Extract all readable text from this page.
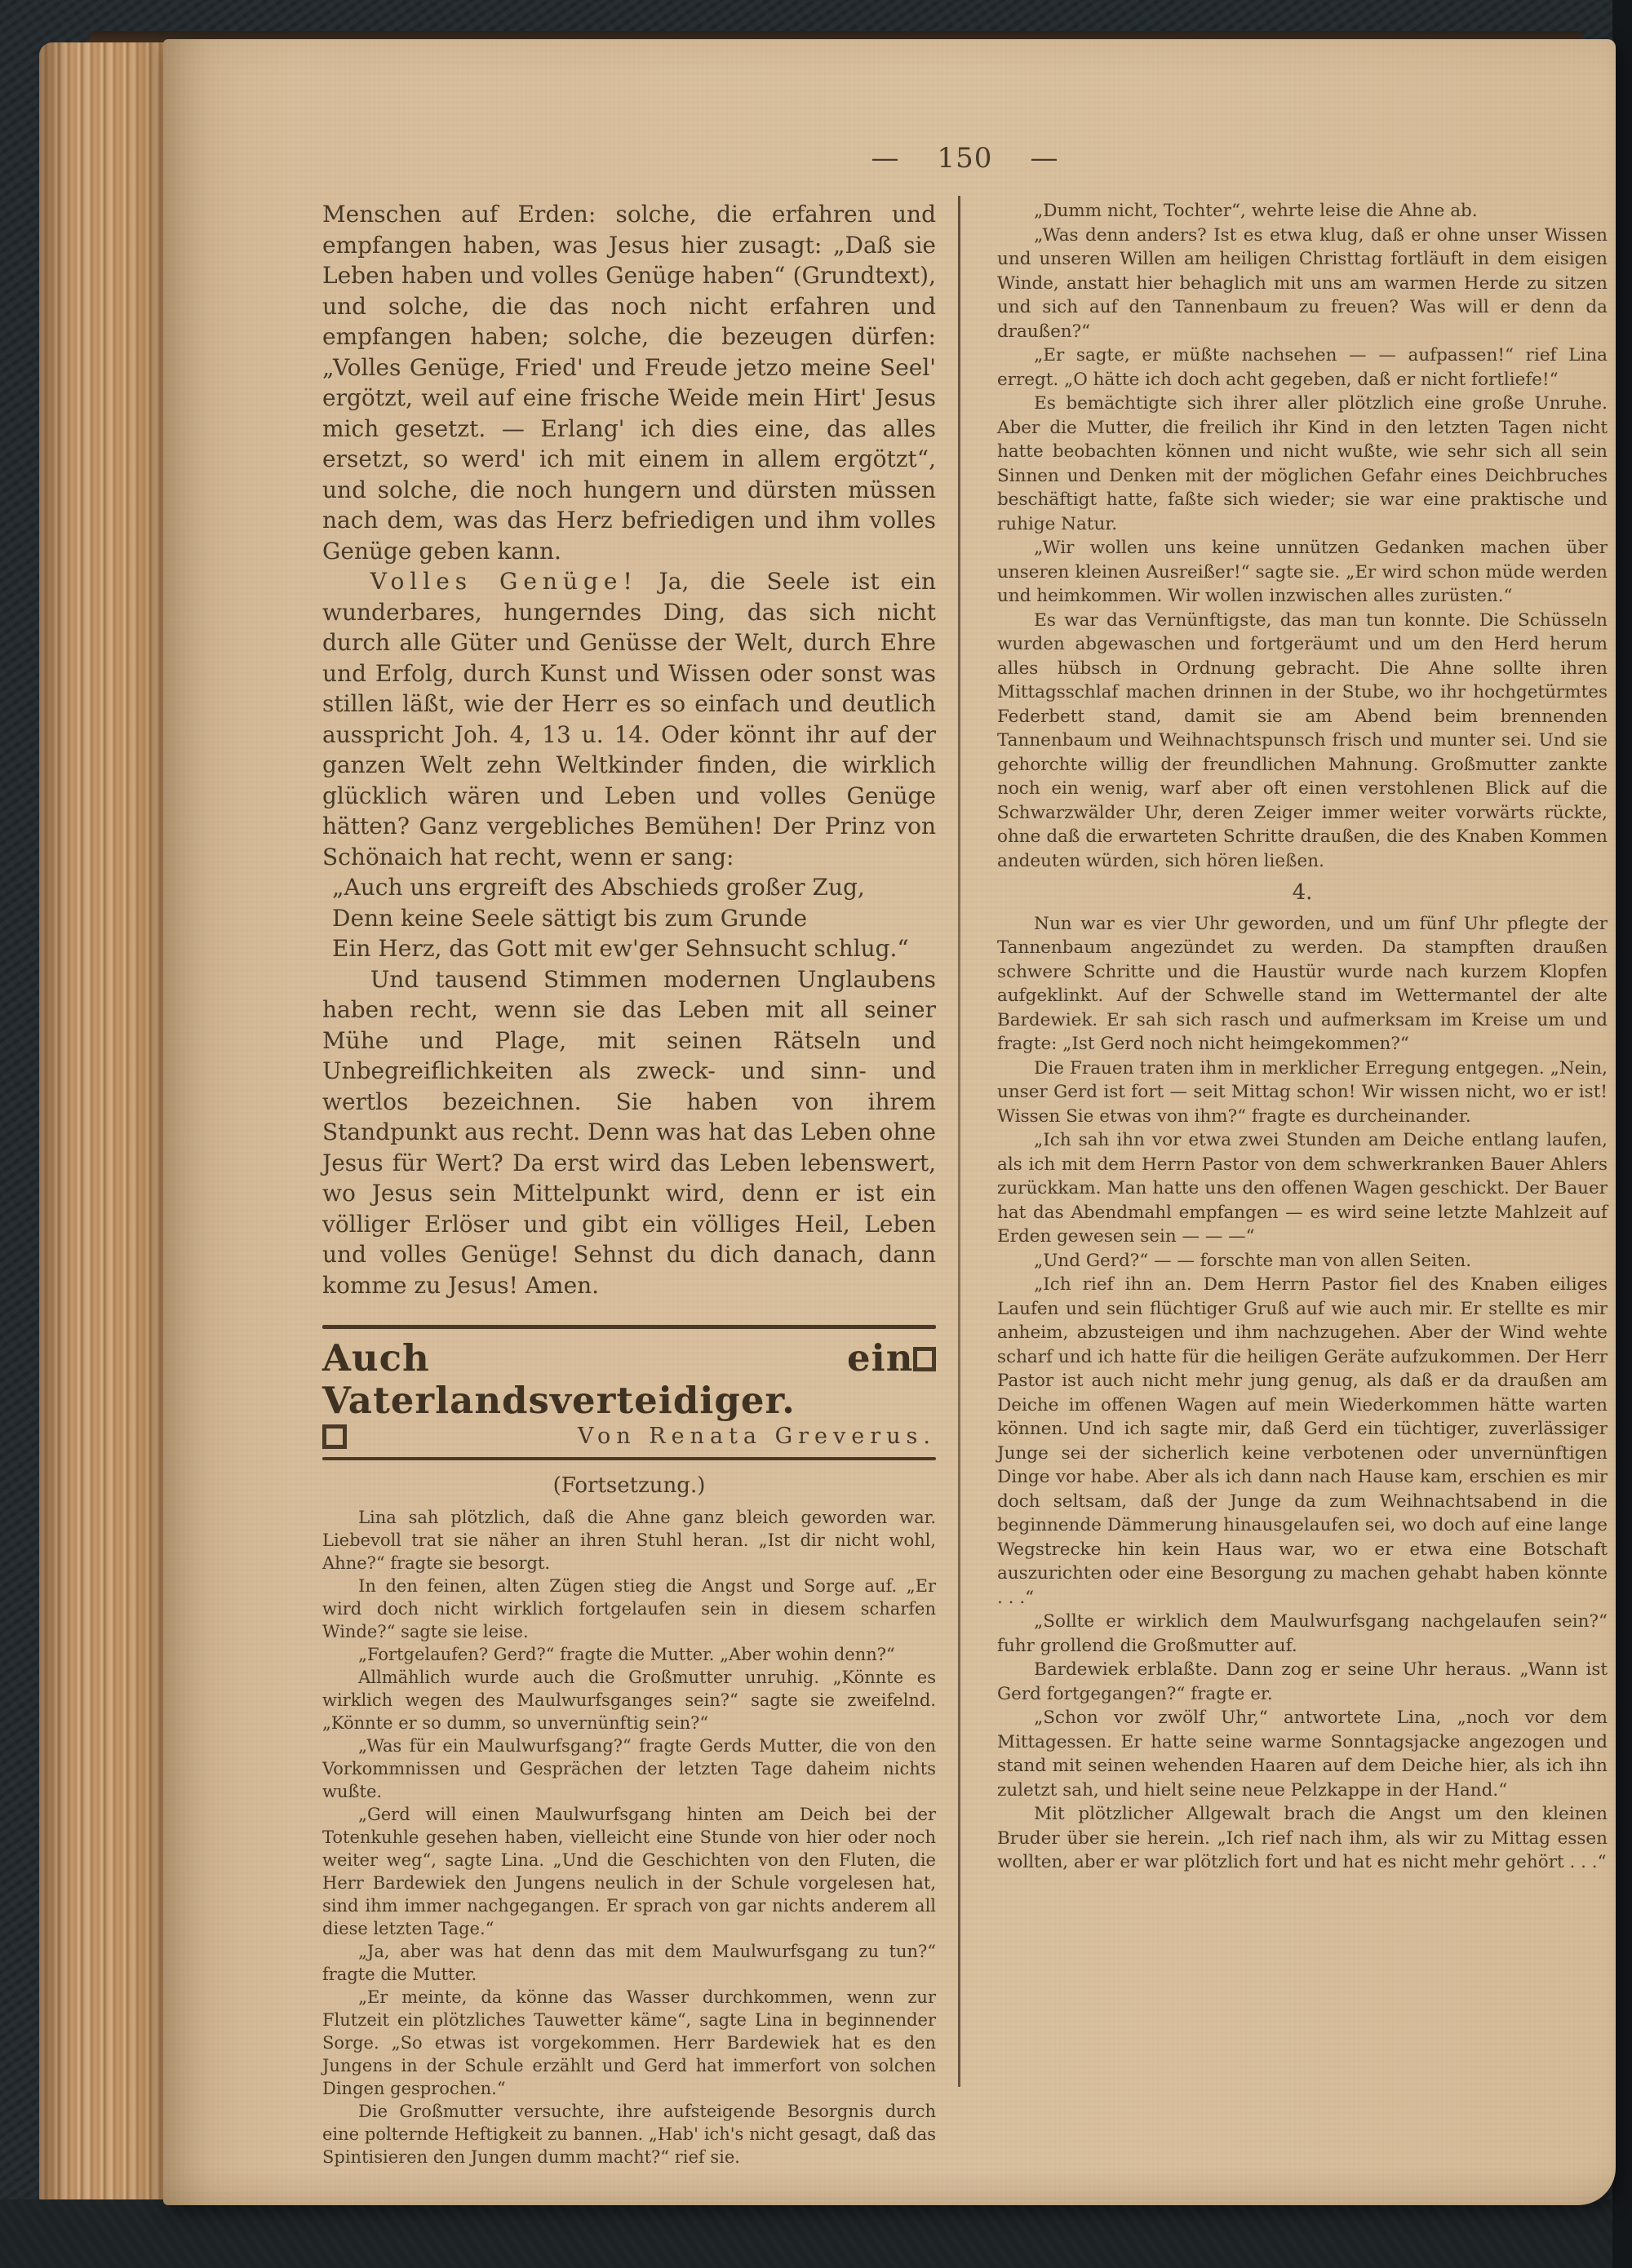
— 150 —

Menschen auf Erden: solche, die erfahren und empfangen haben, was Jesus hier zusagt: „Daß sie Leben haben und volles Genüge haben“ (Grundtext), und solche, die das noch nicht erfahren und empfangen haben; solche, die bezeugen dürfen: „Volles Genüge, Fried' und Freude jetzo meine Seel' ergötzt, weil auf eine frische Weide mein Hirt' Jesus mich gesetzt. — Erlang' ich dies eine, das alles ersetzt, so werd' ich mit einem in allem ergötzt“, und solche, die noch hungern und dürsten müssen nach dem, was das Herz befriedigen und ihm volles Genüge geben kann.

Volles Genüge! Ja, die Seele ist ein wunderbares, hungerndes Ding, das sich nicht durch alle Güter und Genüsse der Welt, durch Ehre und Erfolg, durch Kunst und Wissen oder sonst was stillen läßt, wie der Herr es so einfach und deutlich ausspricht Joh. 4, 13 u. 14. Oder könnt ihr auf der ganzen Welt zehn Weltkinder finden, die wirklich glücklich wären und Leben und volles Genüge hätten? Ganz vergebliches Bemühen! Der Prinz von Schönaich hat recht, wenn er sang:

„Auch uns ergreift des Abschieds großer Zug,
Denn keine Seele sättigt bis zum Grunde
Ein Herz, das Gott mit ew'ger Sehnsucht schlug.“

Und tausend Stimmen modernen Unglaubens haben recht, wenn sie das Leben mit all seiner Mühe und Plage, mit seinen Rätseln und Unbegreiflichkeiten als zweck- und sinn- und wertlos bezeichnen. Sie haben von ihrem Standpunkt aus recht. Denn was hat das Leben ohne Jesus für Wert? Da erst wird das Leben lebenswert, wo Jesus sein Mittelpunkt wird, denn er ist ein völliger Erlöser und gibt ein völliges Heil, Leben und volles Genüge! Sehnst du dich danach, dann komme zu Jesus! Amen.

Auch ein Vaterlandsverteidiger.
Von Renata Greverus.
(Fortsetzung.)

Lina sah plötzlich, daß die Ahne ganz bleich geworden war. Liebevoll trat sie näher an ihren Stuhl heran. „Ist dir nicht wohl, Ahne?“ fragte sie besorgt.

In den feinen, alten Zügen stieg die Angst und Sorge auf. „Er wird doch nicht wirklich fortgelaufen sein in diesem scharfen Winde?“ sagte sie leise.

„Fortgelaufen? Gerd?“ fragte die Mutter. „Aber wohin denn?“

Allmählich wurde auch die Großmutter unruhig. „Könnte es wirklich wegen des Maulwurfsganges sein?“ sagte sie zweifelnd. „Könnte er so dumm, so unvernünftig sein?“

„Was für ein Maulwurfsgang?“ fragte Gerds Mutter, die von den Vorkommnissen und Gesprächen der letzten Tage daheim nichts wußte.

„Gerd will einen Maulwurfsgang hinten am Deich bei der Totenkuhle gesehen haben, vielleicht eine Stunde von hier oder noch weiter weg“, sagte Lina. „Und die Geschichten von den Fluten, die Herr Bardewiek den Jungens neulich in der Schule vorgelesen hat, sind ihm immer nachgegangen. Er sprach von gar nichts anderem all diese letzten Tage.“

„Ja, aber was hat denn das mit dem Maulwurfsgang zu tun?“ fragte die Mutter.

„Er meinte, da könne das Wasser durchkommen, wenn zur Flutzeit ein plötzliches Tauwetter käme“, sagte Lina in beginnender Sorge. „So etwas ist vorgekommen. Herr Bardewiek hat es den Jungens in der Schule erzählt und Gerd hat immerfort von solchen Dingen gesprochen.“

Die Großmutter versuchte, ihre aufsteigende Besorgnis durch eine polternde Heftigkeit zu bannen. „Hab' ich's nicht gesagt, daß das Spintisieren den Jungen dumm macht?“ rief sie.

„Dumm nicht, Tochter“, wehrte leise die Ahne ab.

„Was denn anders? Ist es etwa klug, daß er ohne unser Wissen und unseren Willen am heiligen Christtag fortläuft in dem eisigen Winde, anstatt hier behaglich mit uns am warmen Herde zu sitzen und sich auf den Tannenbaum zu freuen? Was will er denn da draußen?“

„Er sagte, er müßte nachsehen — — aufpassen!“ rief Lina erregt. „O hätte ich doch acht gegeben, daß er nicht fortliefe!“

Es bemächtigte sich ihrer aller plötzlich eine große Unruhe. Aber die Mutter, die freilich ihr Kind in den letzten Tagen nicht hatte beobachten können und nicht wußte, wie sehr sich all sein Sinnen und Denken mit der möglichen Gefahr eines Deichbruches beschäftigt hatte, faßte sich wieder; sie war eine praktische und ruhige Natur.

„Wir wollen uns keine unnützen Gedanken machen über unseren kleinen Ausreißer!“ sagte sie. „Er wird schon müde werden und heimkommen. Wir wollen inzwischen alles zurüsten.“

Es war das Vernünftigste, das man tun konnte. Die Schüsseln wurden abgewaschen und fortgeräumt und um den Herd herum alles hübsch in Ordnung gebracht. Die Ahne sollte ihren Mittagsschlaf machen drinnen in der Stube, wo ihr hochgetürmtes Federbett stand, damit sie am Abend beim brennenden Tannenbaum und Weihnachtspunsch frisch und munter sei. Und sie gehorchte willig der freundlichen Mahnung. Großmutter zankte noch ein wenig, warf aber oft einen verstohlenen Blick auf die Schwarzwälder Uhr, deren Zeiger immer weiter vorwärts rückte, ohne daß die erwarteten Schritte draußen, die des Knaben Kommen andeuten würden, sich hören ließen.

4.

Nun war es vier Uhr geworden, und um fünf Uhr pflegte der Tannenbaum angezündet zu werden. Da stampften draußen schwere Schritte und die Haustür wurde nach kurzem Klopfen aufgeklinkt. Auf der Schwelle stand im Wettermantel der alte Bardewiek. Er sah sich rasch und aufmerksam im Kreise um und fragte: „Ist Gerd noch nicht heimgekommen?“

Die Frauen traten ihm in merklicher Erregung entgegen. „Nein, unser Gerd ist fort — seit Mittag schon! Wir wissen nicht, wo er ist! Wissen Sie etwas von ihm?“ fragte es durcheinander.

„Ich sah ihn vor etwa zwei Stunden am Deiche entlang laufen, als ich mit dem Herrn Pastor von dem schwerkranken Bauer Ahlers zurückkam. Man hatte uns den offenen Wagen geschickt. Der Bauer hat das Abendmahl empfangen — es wird seine letzte Mahlzeit auf Erden gewesen sein — — —“

„Und Gerd?“ — — forschte man von allen Seiten.

„Ich rief ihn an. Dem Herrn Pastor fiel des Knaben eiliges Laufen und sein flüchtiger Gruß auf wie auch mir. Er stellte es mir anheim, abzusteigen und ihm nachzugehen. Aber der Wind wehte scharf und ich hatte für die heiligen Geräte aufzukommen. Der Herr Pastor ist auch nicht mehr jung genug, als daß er da draußen am Deiche im offenen Wagen auf mein Wiederkommen hätte warten können. Und ich sagte mir, daß Gerd ein tüchtiger, zuverlässiger Junge sei der sicherlich keine verbotenen oder unvernünftigen Dinge vor habe. Aber als ich dann nach Hause kam, erschien es mir doch seltsam, daß der Junge da zum Weihnachtsabend in die beginnende Dämmerung hinausgelaufen sei, wo doch auf eine lange Wegstrecke hin kein Haus war, wo er etwa eine Botschaft auszurichten oder eine Besorgung zu machen gehabt haben könnte . . .“

„Sollte er wirklich dem Maulwurfsgang nachgelaufen sein?“ fuhr grollend die Großmutter auf.

Bardewiek erblaßte. Dann zog er seine Uhr heraus. „Wann ist Gerd fortgegangen?“ fragte er.

„Schon vor zwölf Uhr,“ antwortete Lina, „noch vor dem Mittagessen. Er hatte seine warme Sonntagsjacke angezogen und stand mit seinen wehenden Haaren auf dem Deiche hier, als ich ihn zuletzt sah, und hielt seine neue Pelzkappe in der Hand.“

Mit plötzlicher Allgewalt brach die Angst um den kleinen Bruder über sie herein. „Ich rief nach ihm, als wir zu Mittag essen wollten, aber er war plötzlich fort und hat es nicht mehr gehört . . .“
